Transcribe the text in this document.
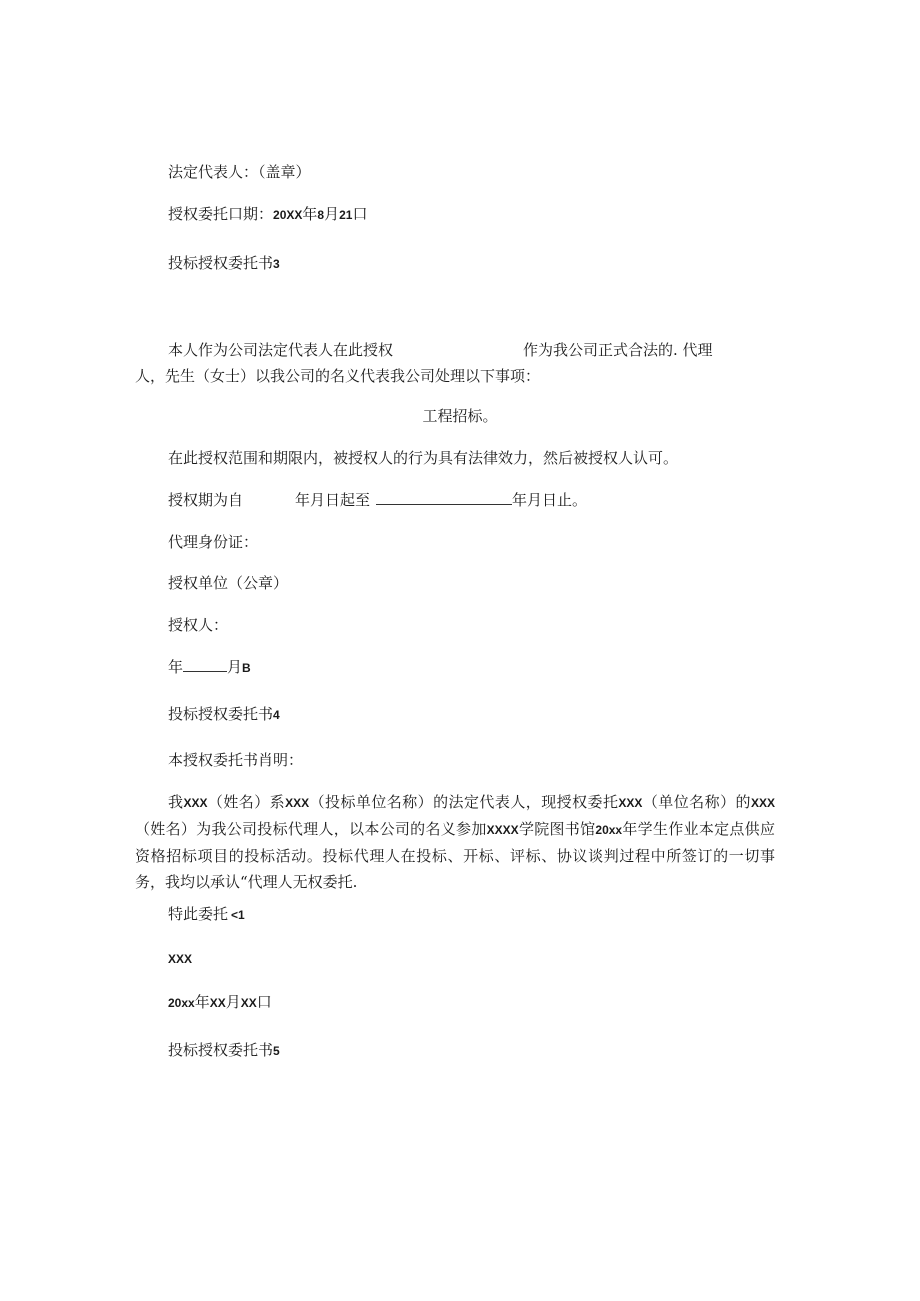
法定代表人：（盖章）
授权委托口期：20XX年8月21口
投标授权委托书3
本人作为公司法定代表人在此授权	作为我公司正式合法的. 代理
人，先生（女士）以我公司的名义代表我公司处理以下事项：
工程招标。
在此授权范围和期限内，被授权人的行为具有法律效力，然后被授权人认可。
授权期为自	年月日起至	年月日止。
代理身份证：
授权单位（公章）
授权人：
年	月B
投标授权委托书4
本授权委托书肖明：
我XXX（姓名）系XXX（投标单位名称）的法定代表人，现授权委托XXX（单位名称）的XXX（姓名）为我公司投标代理人，以本公司的名义参加XXXX学院图书馆20xx年学生作业本定点供应资格招标项目的投标活动。投标代理人在投标、开标、评标、协议谈判过程中所签订的一切事务，我均以承认“代理人无权委托.
特此委托 <1
XXX
20xx年XX月XX口
投标授权委托书5
